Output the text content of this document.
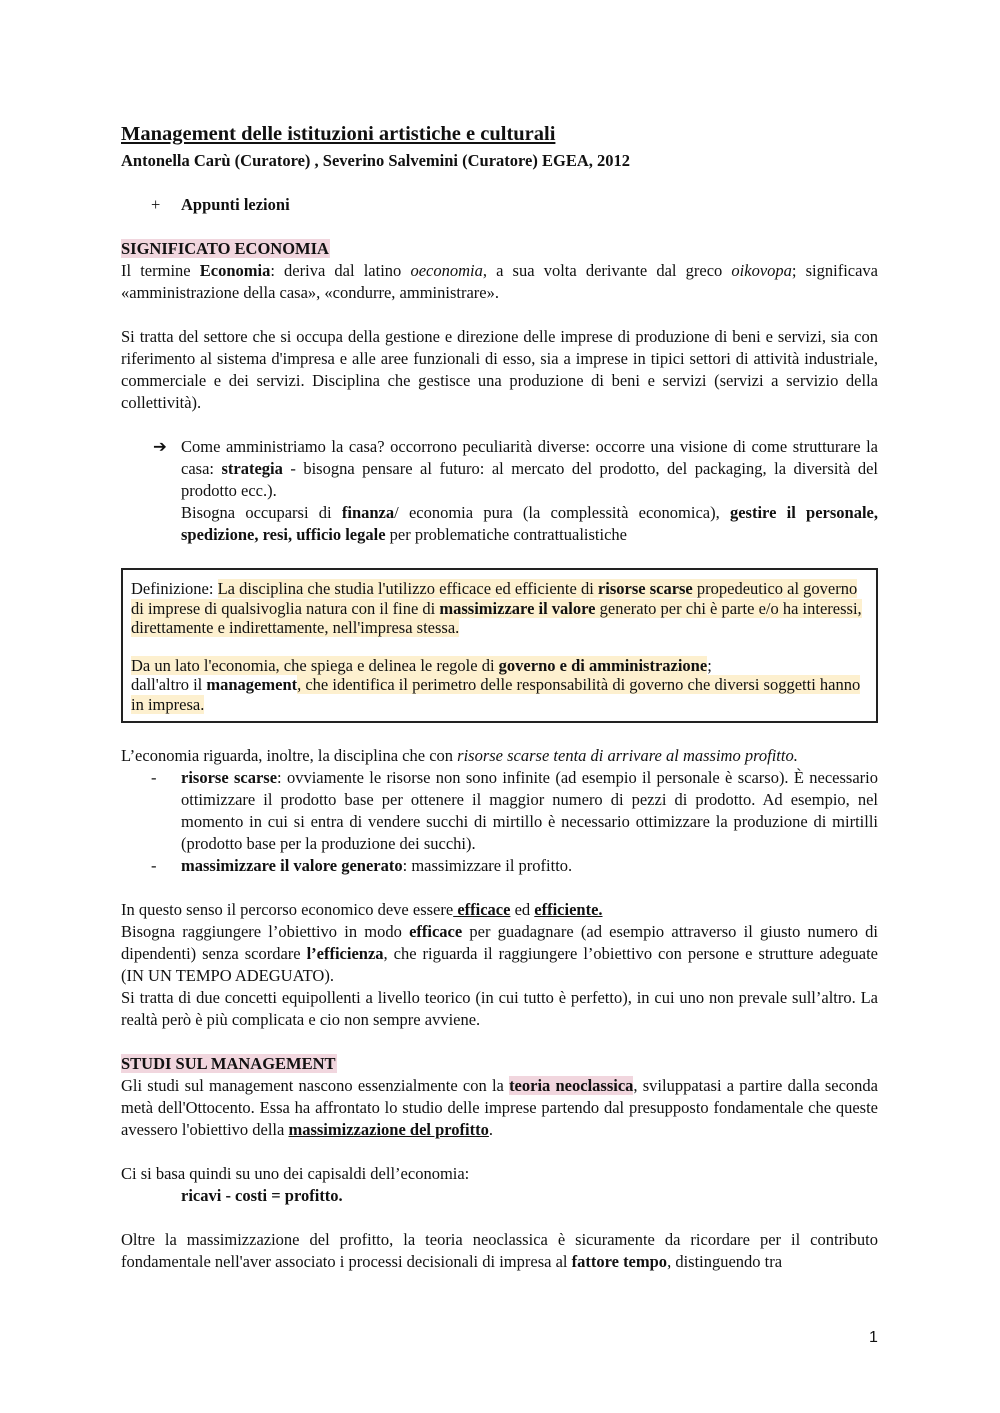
Management delle istituzioni artistiche e culturali
Antonella Carù (Curatore) , Severino Salvemini (Curatore) EGEA, 2012
+ Appunti lezioni
SIGNIFICATO ECONOMIA

Il termine Economia: deriva dal latino oeconomia, a sua volta derivante dal greco oikovopa; significava «amministrazione della casa», «condurre, amministrare».

Si tratta del settore che si occupa della gestione e direzione delle imprese di produzione di beni e servizi, sia con riferimento al sistema d'impresa e alle aree funzionali di esso, sia a imprese in tipici settori di attività industriale, commerciale e dei servizi. Disciplina che gestisce una produzione di beni e servizi (servizi a servizio della collettività).

➔ Come amministriamo la casa? occorrono peculiarità diverse: occorre una visione di come strutturare la casa: strategia - bisogna pensare al futuro: al mercato del prodotto, del packaging, la diversità del prodotto ecc.).

Bisogna occuparsi di finanza/ economia pura (la complessità economica), gestire il personale, spedizione, resi, ufficio legale per problematiche contrattualistiche

Definizione: La disciplina che studia l'utilizzo efficace ed efficiente di risorse scarse propedeutico al governo di imprese di qualsivoglia natura con il fine di massimizzare il valore generato per chi è parte e/o ha interessi, direttamente e indirettamente, nell'impresa stessa.

Da un lato l'economia, che spiega e delinea le regole di governo e di amministrazione;
dall'altro il management, che identifica il perimetro delle responsabilità di governo che diversi soggetti hanno in impresa.

L’economia riguarda, inoltre, la disciplina che con risorse scarse tenta di arrivare al massimo profitto.

- risorse scarse: ovviamente le risorse non sono infinite (ad esempio il personale è scarso). È necessario ottimizzare il prodotto base per ottenere il maggior numero di pezzi di prodotto. Ad esempio, nel momento in cui si entra di vendere succhi di mirtillo è necessario ottimizzare la produzione di mirtilli (prodotto base per la produzione dei succhi).

- massimizzare il valore generato: massimizzare il profitto.

In questo senso il percorso economico deve essere efficace ed efficiente.

Bisogna raggiungere l’obiettivo in modo efficace per guadagnare (ad esempio attraverso il giusto numero di dipendenti) senza scordare l’efficienza, che riguarda il raggiungere l’obiettivo con persone e strutture adeguate (IN UN TEMPO ADEGUATO).

Si tratta di due concetti equipollenti a livello teorico (in cui tutto è perfetto), in cui uno non prevale sull’altro. La realtà però è più complicata e cio non sempre avviene.

STUDI SUL MANAGEMENT

Gli studi sul management nascono essenzialmente con la teoria neoclassica, sviluppatasi a partire dalla seconda metà dell'Ottocento. Essa ha affrontato lo studio delle imprese partendo dal presupposto fondamentale che queste avessero l'obiettivo della massimizzazione del profitto.

Ci si basa quindi su uno dei capisaldi dell’economia:

ricavi - costi = profitto.

Oltre la massimizzazione del profitto, la teoria neoclassica è sicuramente da ricordare per il contributo fondamentale nell'aver associato i processi decisionali di impresa al fattore tempo, distinguendo tra

1
